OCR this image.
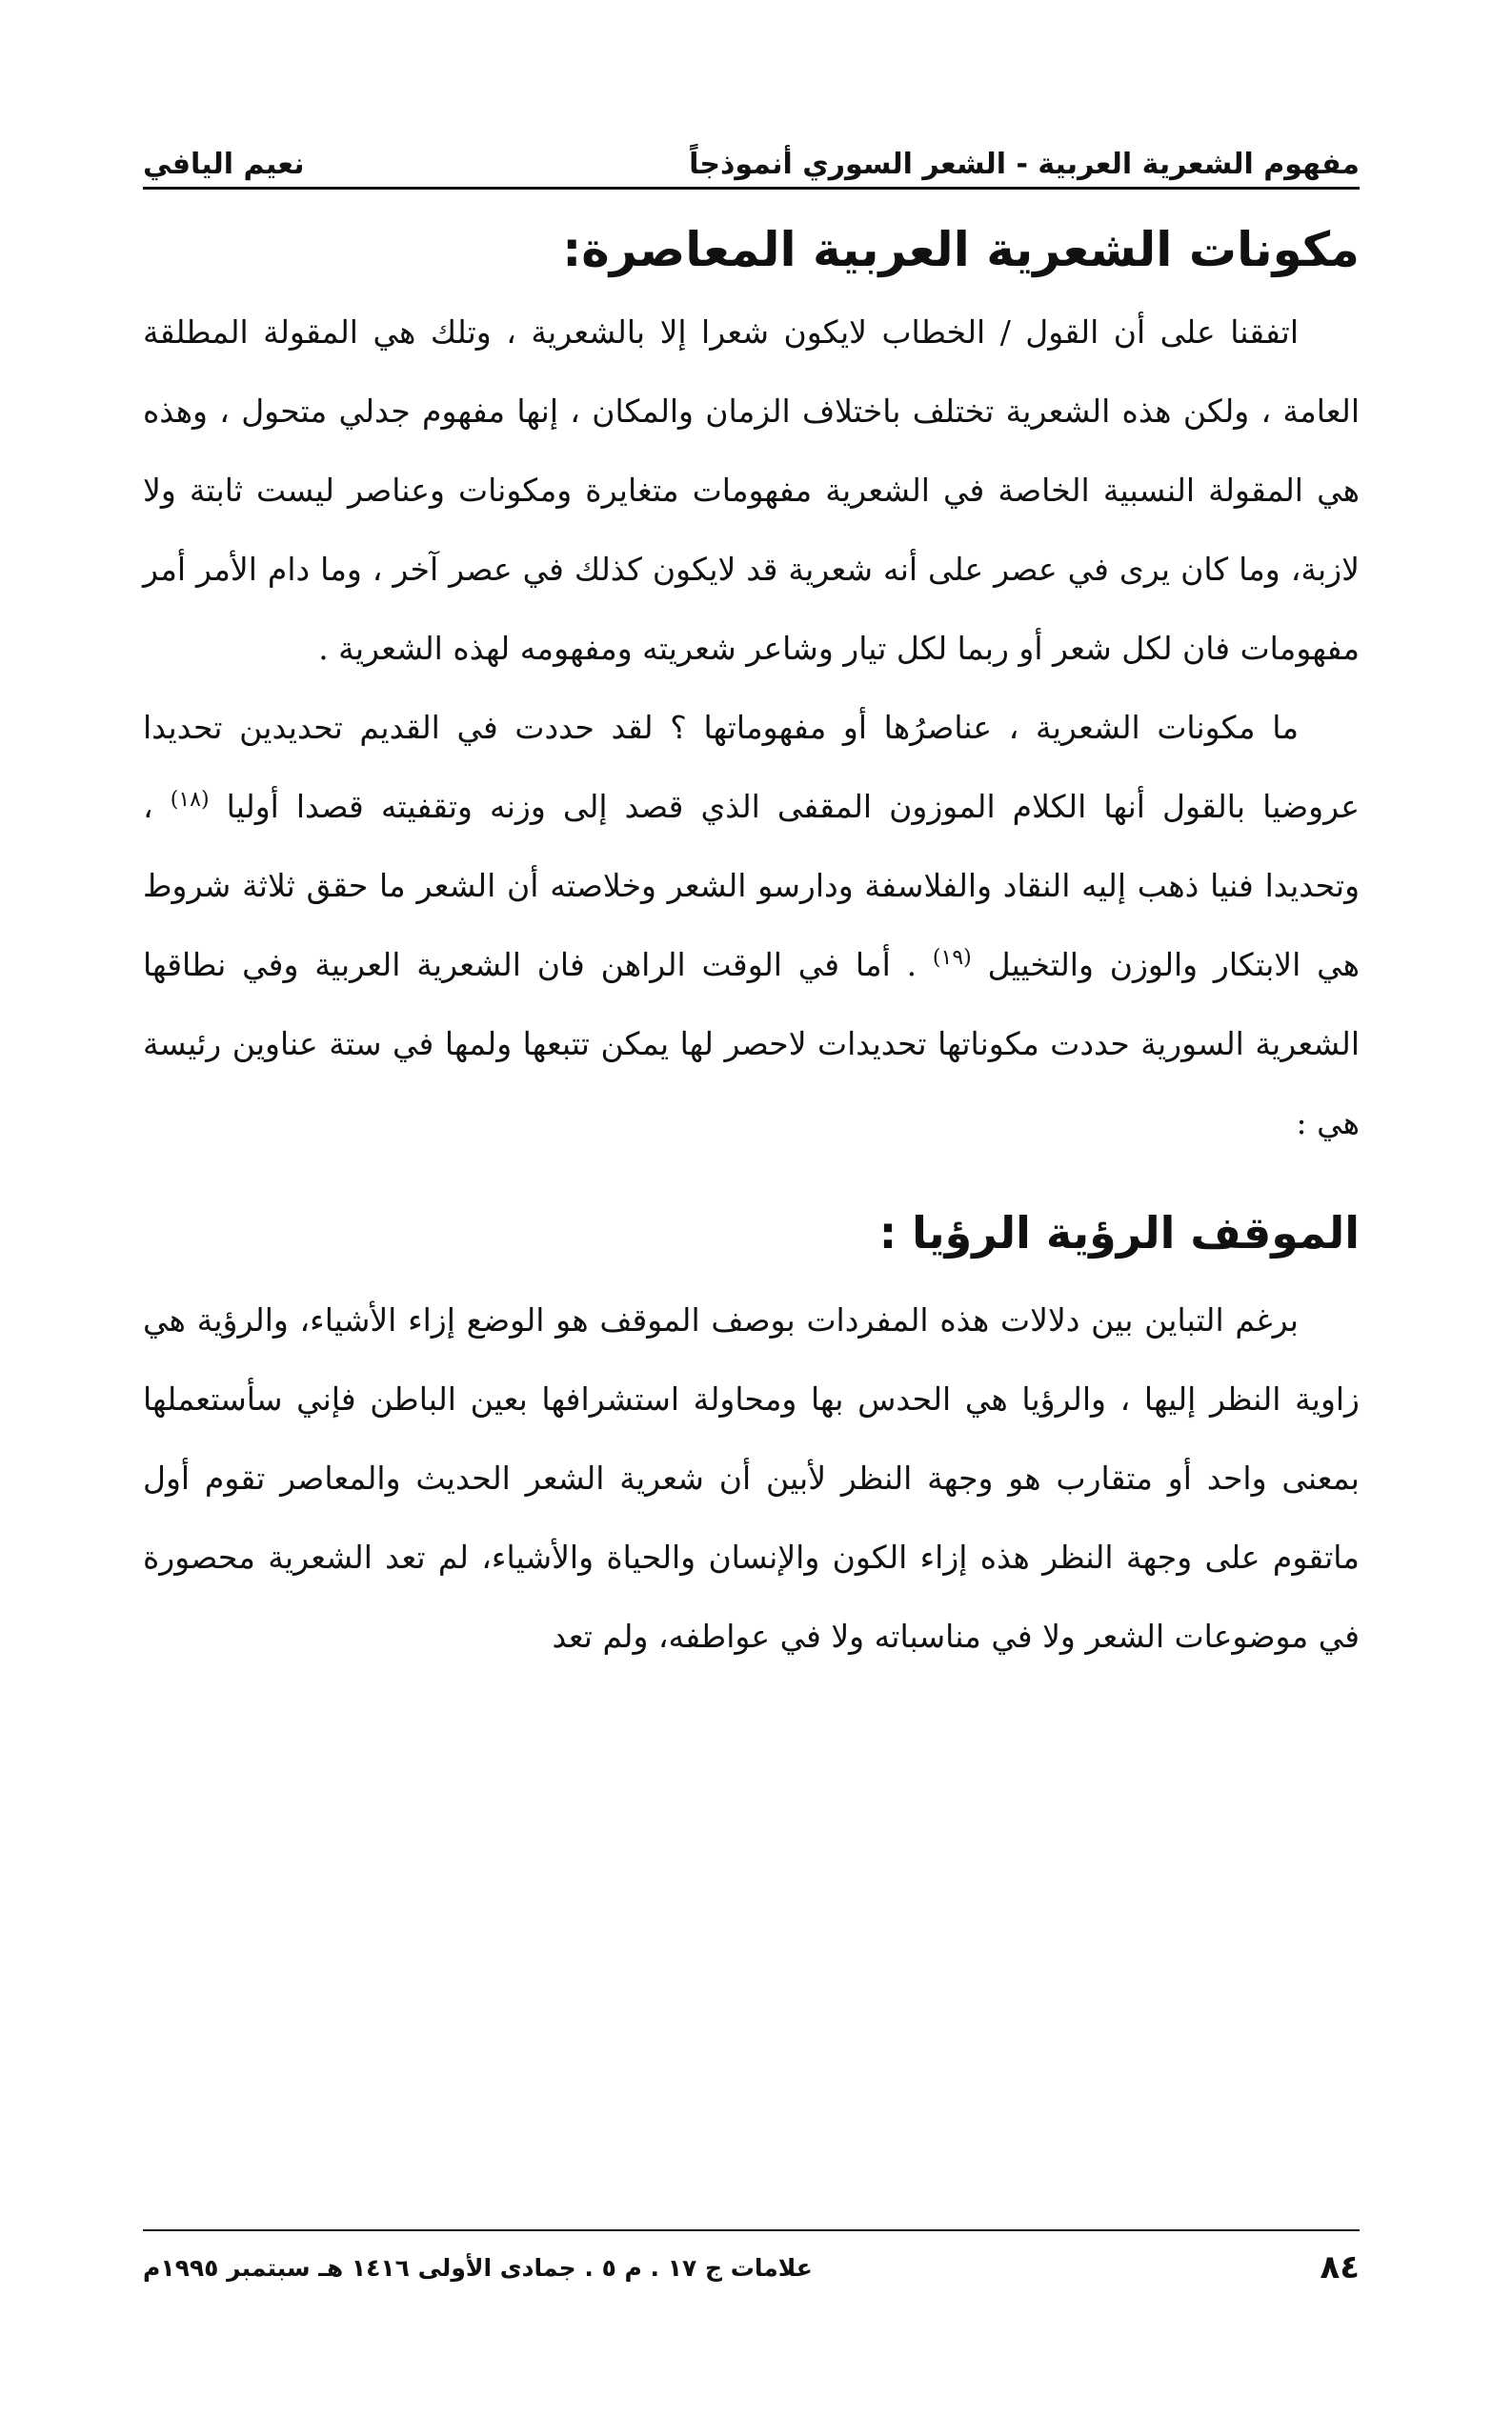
مفهوم الشعرية العربية - الشعر السوري أنموذجاً
نعيم اليافي
مكونات الشعرية العربية المعاصرة:

اتفقنا على أن القول / الخطاب لايكون شعرا إلا بالشعرية ، وتلك هي المقولة المطلقة العامة ، ولكن هذه الشعرية تختلف باختلاف الزمان والمكان ، إنها مفهوم جدلي متحول ، وهذه هي المقولة النسبية الخاصة في الشعرية مفهومات متغايرة ومكونات وعناصر ليست ثابتة ولا لازبة، وما كان يرى في عصر على أنه شعرية قد لايكون كذلك في عصر آخر ، وما دام الأمر أمر مفهومات فان لكل شعر أو ربما لكل تيار وشاعر شعريته ومفهومه لهذه الشعرية .

ما مكونات الشعرية ، عناصرُها أو مفهوماتها ؟ لقد حددت في القديم تحديدين تحديدا عروضيا بالقول أنها الكلام الموزون المقفى الذي قصد إلى وزنه وتقفيته قصدا أوليا $^{(١٨)}$ ، وتحديدا فنيا ذهب إليه النقاد والفلاسفة ودارسو الشعر وخلاصته أن الشعر ما حقق ثلاثة شروط هي الابتكار والوزن والتخييل $^{(١٩)}$ . أما في الوقت الراهن فان الشعرية العربية وفي نطاقها الشعرية السورية حددت مكوناتها تحديدات لاحصر لها يمكن تتبعها ولمها في ستة عناوين رئيسة هي :

الموقف الرؤية الرؤيا :

برغم التباين بين دلالات هذه المفردات بوصف الموقف هو الوضع إزاء الأشياء، والرؤية هي زاوية النظر إليها ، والرؤيا هي الحدس بها ومحاولة استشرافها بعين الباطن فإني سأستعملها بمعنى واحد أو متقارب هو وجهة النظر لأبين أن شعرية الشعر الحديث والمعاصر تقوم أول ماتقوم على وجهة النظر هذه إزاء الكون والإنسان والحياة والأشياء، لم تعد الشعرية محصورة في موضوعات الشعر ولا في مناسباته ولا في عواطفه، ولم تعد

٨٤
علامات ج ١٧ . م ٥ . جمادى الأولى ١٤١٦ هـ سبتمبر ١٩٩٥م
